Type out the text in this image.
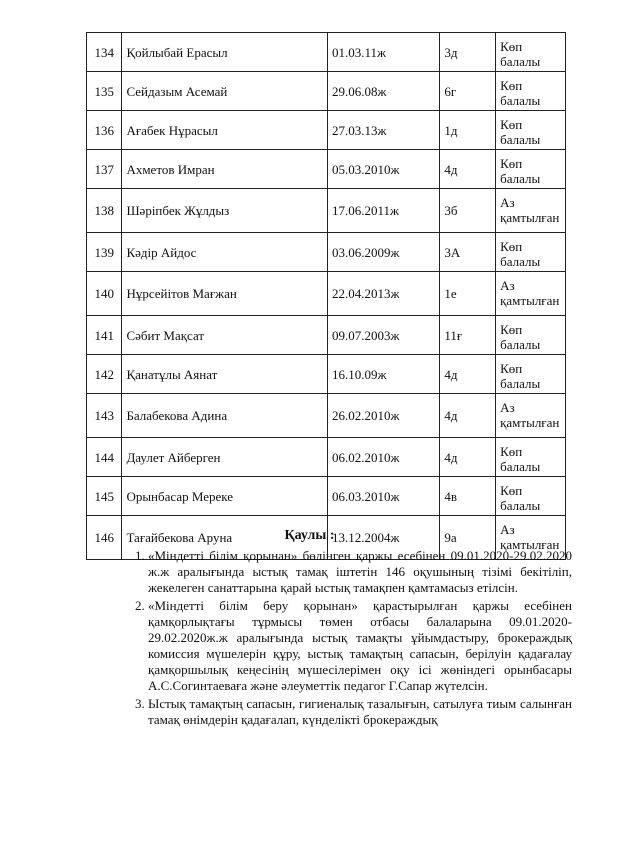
134	Қойлыбай Ерасыл	01.03.11ж	3д	Көп балалы
135	Сейдазым Асемай	29.06.08ж	6г	Көп балалы
136	Ағабек Нұрасыл	27.03.13ж	1д	Көп балалы
137	Ахметов Имран	05.03.2010ж	4д	Көп балалы
138	Шәріпбек Жұлдыз	17.06.2011ж	3б	Аз қамтылған
139	Кәдір Айдос	03.06.2009ж	3А	Көп балалы
140	Нұрсейітов Мағжан	22.04.2013ж	1е	Аз қамтылған
141	Сәбит Мақсат	09.07.2003ж	11ғ	Көп балалы
142	Қанатұлы Аянат	16.10.09ж	4д	Көп балалы
143	Балабекова Адина	26.02.2010ж	4д	Аз қамтылған
144	Даулет Айберген	06.02.2010ж	4д	Көп балалы
145	Орынбасар Мереке	06.03.2010ж	4в	Көп балалы
146	Тағайбекова Аруна	13.12.2004ж	9а	Аз қамтылған
Қаулы :
1. «Міндетті білім қорынан» бөлінген қаржы есебінен 09.01.2020-29.02.2020 ж.ж аралығында ыстық тамақ іштетін 146 оқушының тізімі бекітіліп, жекелеген санаттарына қарай ыстық тамақпен қамтамасыз етілсін.
2. «Міндетті білім беру қорынан» қарастырылған қаржы есебінен қамқорлықтағы тұрмысы төмен отбасы балаларына 09.01.2020-29.02.2020ж.ж аралығында ыстық тамақты ұйымдастыру, брокераждық комиссия мүшелерін құру, ыстық тамақтың сапасын, берілуін қадағалау қамқоршылық кеңесінің мүшесілерімен оқу ісі жөніндегі орынбасары А.С.Согинтаеваға және әлеуметтік педагог Г.Сапар жүтелсін.
3. Ыстық тамақтың сапасын, гигиеналық тазалығын, сатылуға тиым салынған тамақ өнімдерін қадағалап, күнделікті брокераждық
